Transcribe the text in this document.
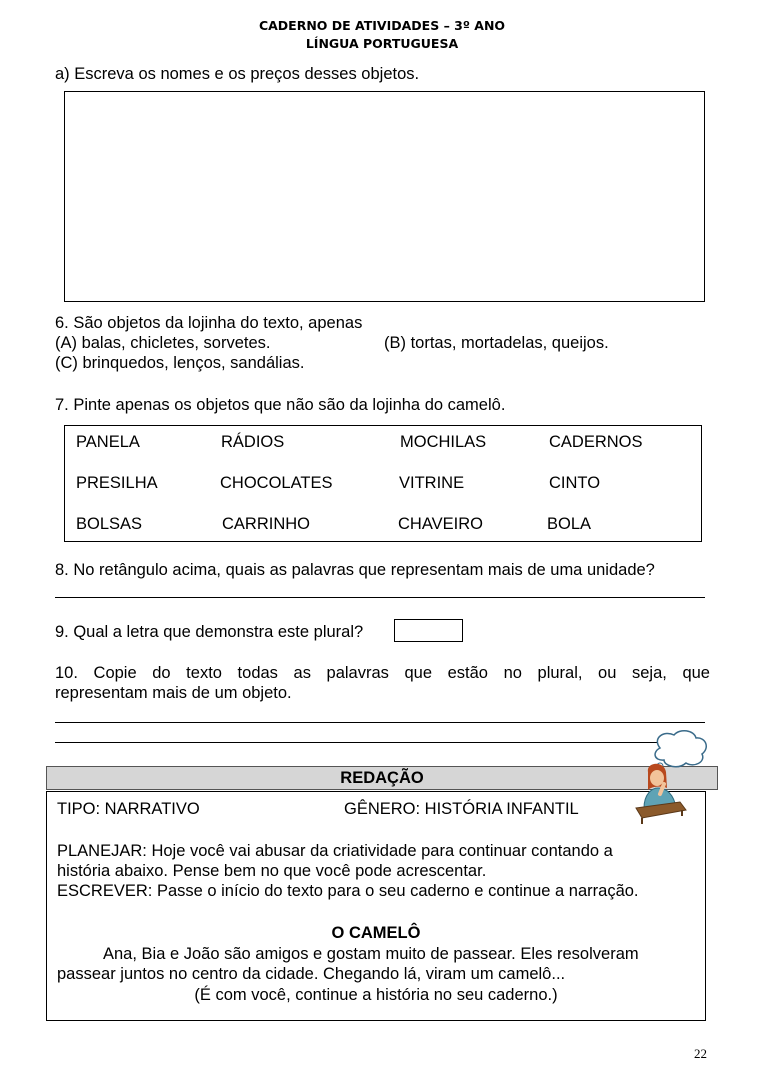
CADERNO DE ATIVIDADES – 3º ANO
LÍNGUA PORTUGUESA
a) Escreva os nomes e os preços desses objetos.
6. São objetos da lojinha do texto, apenas
(A) balas, chicletes, sorvetes.	(B) tortas, mortadelas, queijos.
(C) brinquedos, lenços, sandálias.
7. Pinte apenas os objetos que não são da lojinha do camelô.
PANELA	RÁDIOS	MOCHILAS	CADERNOS
PRESILHA	CHOCOLATES	VITRINE	CINTO
BOLSAS	CARRINHO	CHAVEIRO	BOLA
8. No retângulo acima, quais as palavras que representam mais de uma unidade?
9. Qual a letra que demonstra este plural?
10. Copie do texto todas as palavras que estão no plural, ou seja, que
representam mais de um objeto.
REDAÇÃO
TIPO: NARRATIVO	GÊNERO: HISTÓRIA INFANTIL
PLANEJAR: Hoje você vai abusar da criatividade para continuar contando a
história abaixo. Pense bem no que você pode acrescentar.
ESCREVER: Passe o início do texto para o seu caderno e continue a narração.
O CAMELÔ
Ana, Bia e João são amigos e gostam muito de passear. Eles resolveram
passear juntos no centro da cidade. Chegando lá, viram um camelô...
(É com você, continue a história no seu caderno.)
22
